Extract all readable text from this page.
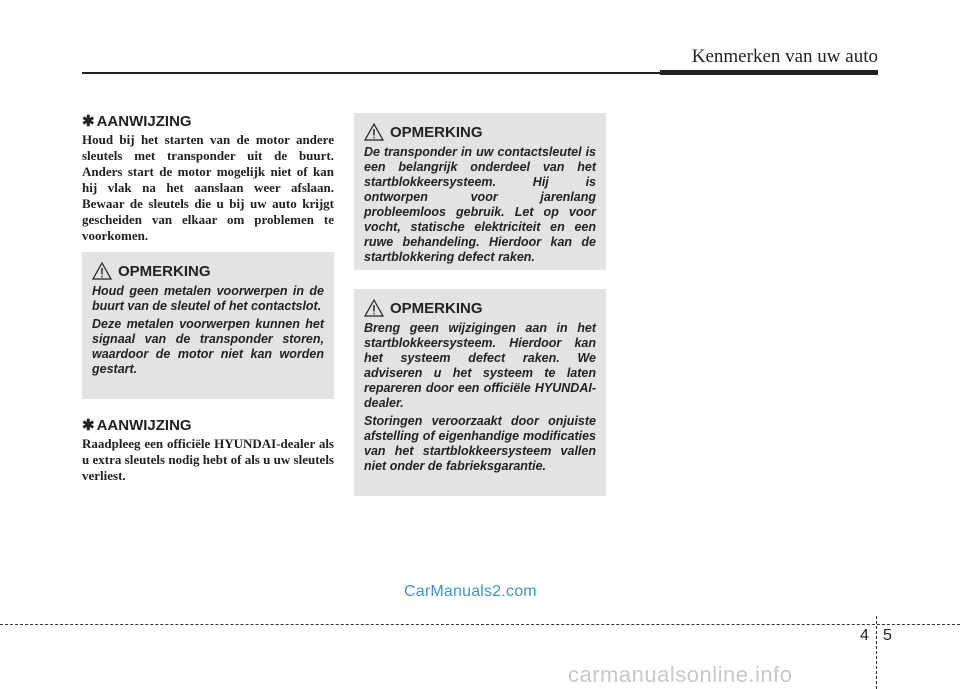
Kenmerken van uw auto
✱ AANWIJZING
Houd bij het starten van de motor andere sleutels met transponder uit de buurt. Anders start de motor mogelijk niet of kan hij vlak na het aanslaan weer afslaan. Bewaar de sleutels die u bij uw auto krijgt gescheiden van elkaar om problemen te voorkomen.
OPMERKING

Houd geen metalen voorwerpen in de buurt van de sleutel of het contactslot.

Deze metalen voorwerpen kunnen het signaal van de transponder storen, waardoor de motor niet kan worden gestart.

✱ AANWIJZING
Raadpleeg een officiële HYUNDAI-dealer als u extra sleutels nodig hebt of als u uw sleutels verliest.
OPMERKING

De transponder in uw contactsleutel is een belangrijk onderdeel van het startblokkeersysteem. Hij is ontworpen voor jarenlang probleemloos gebruik. Let op voor vocht, statische elektriciteit en een ruwe behandeling. Hierdoor kan de startblokkering defect raken.

OPMERKING

Breng geen wijzigingen aan in het startblokkeersysteem. Hierdoor kan het systeem defect raken. We adviseren u het systeem te laten repareren door een officiële HYUNDAI-dealer.

Storingen veroorzaakt door onjuiste afstelling of eigenhandige modificaties van het startblokkeersysteem vallen niet onder de fabrieksgarantie.

CarManuals2.com
4 5
carmanualsonline.info
